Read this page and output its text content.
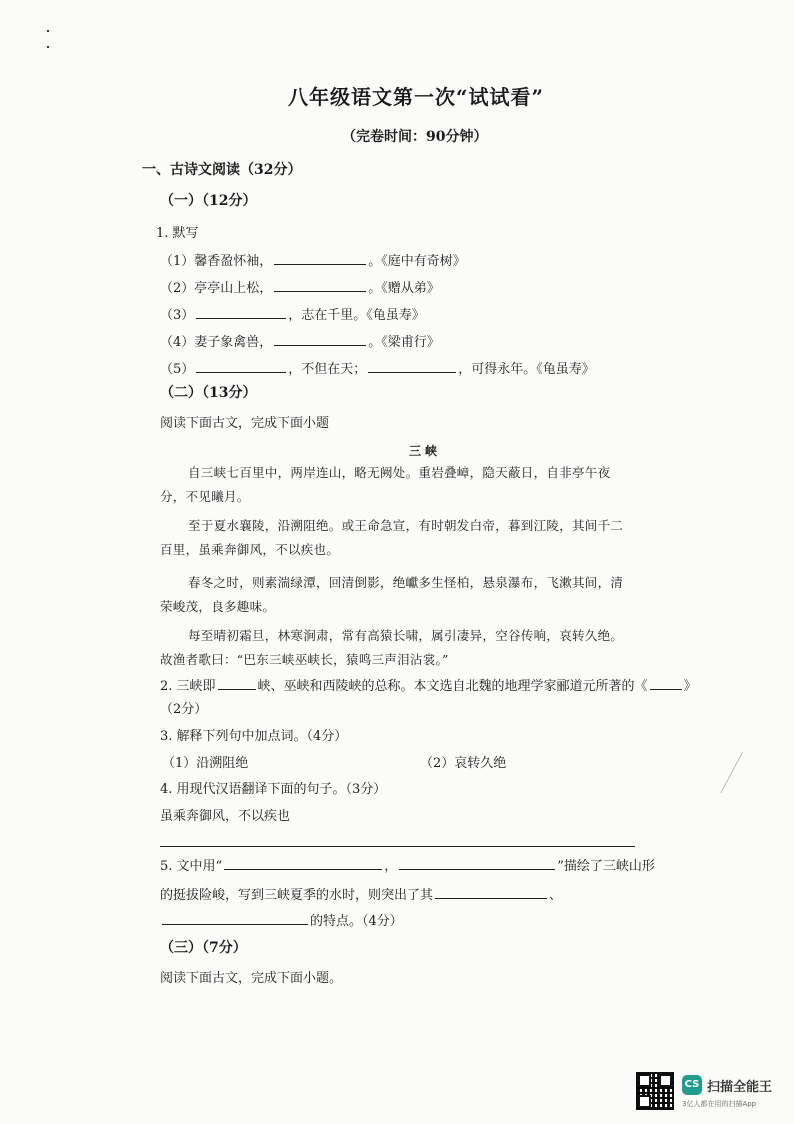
八年级语文第一次“试试看”
（完卷时间：90分钟）
一、古诗文阅读（32分）
（一）（12分）
1. 默写
（1）馨香盈怀袖，	。《庭中有奇树》
（2）亭亭山上松，	。《赠从弟》
（3）	，志在千里。《龟虽寿》
（4）妻子象禽兽，	。《梁甫行》
（5）	，不但在天；	，可得永年。《龟虽寿》
（二）（13分）
阅读下面古文，完成下面小题
三峡
自三峡七百里中，两岸连山，略无阙处。重岩叠嶂，隐天蔽日，自非亭午夜分，不见曦月。
至于夏水襄陵，沿溯阻绝。或王命急宣，有时朝发白帝，暮到江陵，其间千二百里，虽乘奔御风，不以疾也。
春冬之时，则素湍绿潭，回清倒影，绝巘多生怪柏，悬泉瀑布，飞漱其间，清荣峻茂，良多趣味。
每至晴初霜旦，林寒涧肃，常有高猿长啸，属引凄异，空谷传响，哀转久绝。故渔者歌曰：“巴东三峡巫峡长，猿鸣三声泪沾裳。”
2. 三峡即	峡、巫峡和西陵峡的总称。本文选自北魏的地理学家郦道元所著的《	》
（2分）
3. 解释下列句中加点词。（4分）
（1）沿溯阻绝	（2）哀转久绝
4. 用现代汉语翻译下面的句子。（3分）
虽乘奔御风，不以疾也
5. 文中用“	，	”描绘了三峡山形
的挺拔险峻，写到三峡夏季的水时，则突出了其	、
的特点。（4分）
（三）（7分）
阅读下面古文，完成下面小题。
CS 扫描全能王
3亿人都在用的扫描App
